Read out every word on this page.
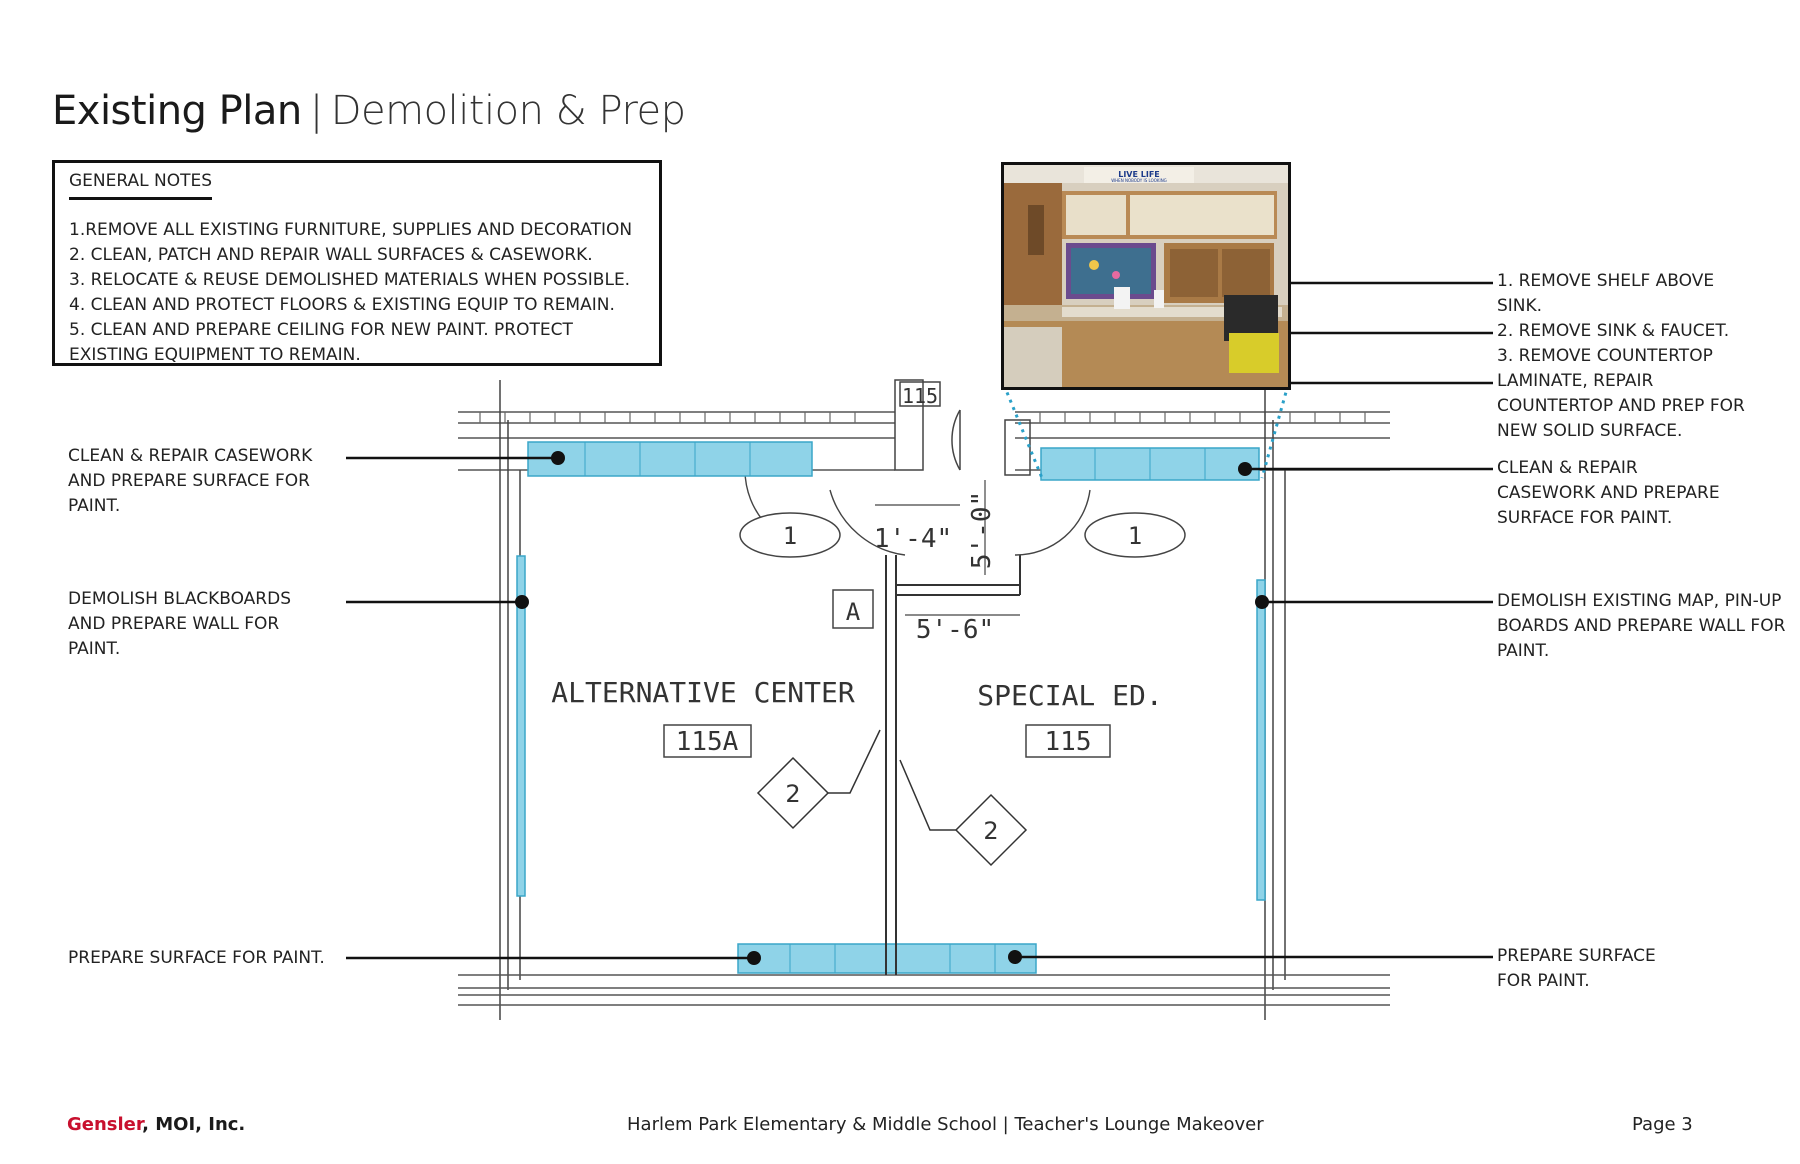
Existing Plan | Demolition & Prep
GENERAL NOTES
1.REMOVE ALL EXISTING FURNITURE, SUPPLIES AND DECORATION
2. CLEAN, PATCH AND REPAIR WALL SURFACES & CASEWORK.
3. RELOCATE & REUSE DEMOLISHED MATERIALS WHEN POSSIBLE.
4. CLEAN AND PROTECT FLOORS & EXISTING EQUIP TO REMAIN.
5. CLEAN AND PREPARE CEILING FOR NEW PAINT. PROTECT EXISTING EQUIPMENT TO REMAIN.
115
1'-4" 5'-0"
5'-6"
A
1	1
ALTERNATIVE CENTER
115A
SPECIAL ED.
115
2
2
LIVE LIFE
WHEN NOBODY IS LOOKING
CLEAN & REPAIR CASEWORK AND PREPARE SURFACE FOR PAINT.
DEMOLISH BLACKBOARDS AND PREPARE WALL FOR PAINT.
PREPARE SURFACE FOR PAINT.
1. REMOVE SHELF ABOVE SINK.
2. REMOVE SINK & FAUCET.
3. REMOVE COUNTERTOP LAMINATE, REPAIR COUNTERTOP AND PREP FOR NEW SOLID SURFACE.
CLEAN & REPAIR CASEWORK AND PREPARE SURFACE FOR PAINT.
DEMOLISH EXISTING MAP, PIN-UP BOARDS AND PREPARE WALL FOR PAINT.
PREPARE SURFACE FOR PAINT.
Gensler, MOI, Inc.	Harlem Park Elementary & Middle School | Teacher's Lounge Makeover	Page 3
